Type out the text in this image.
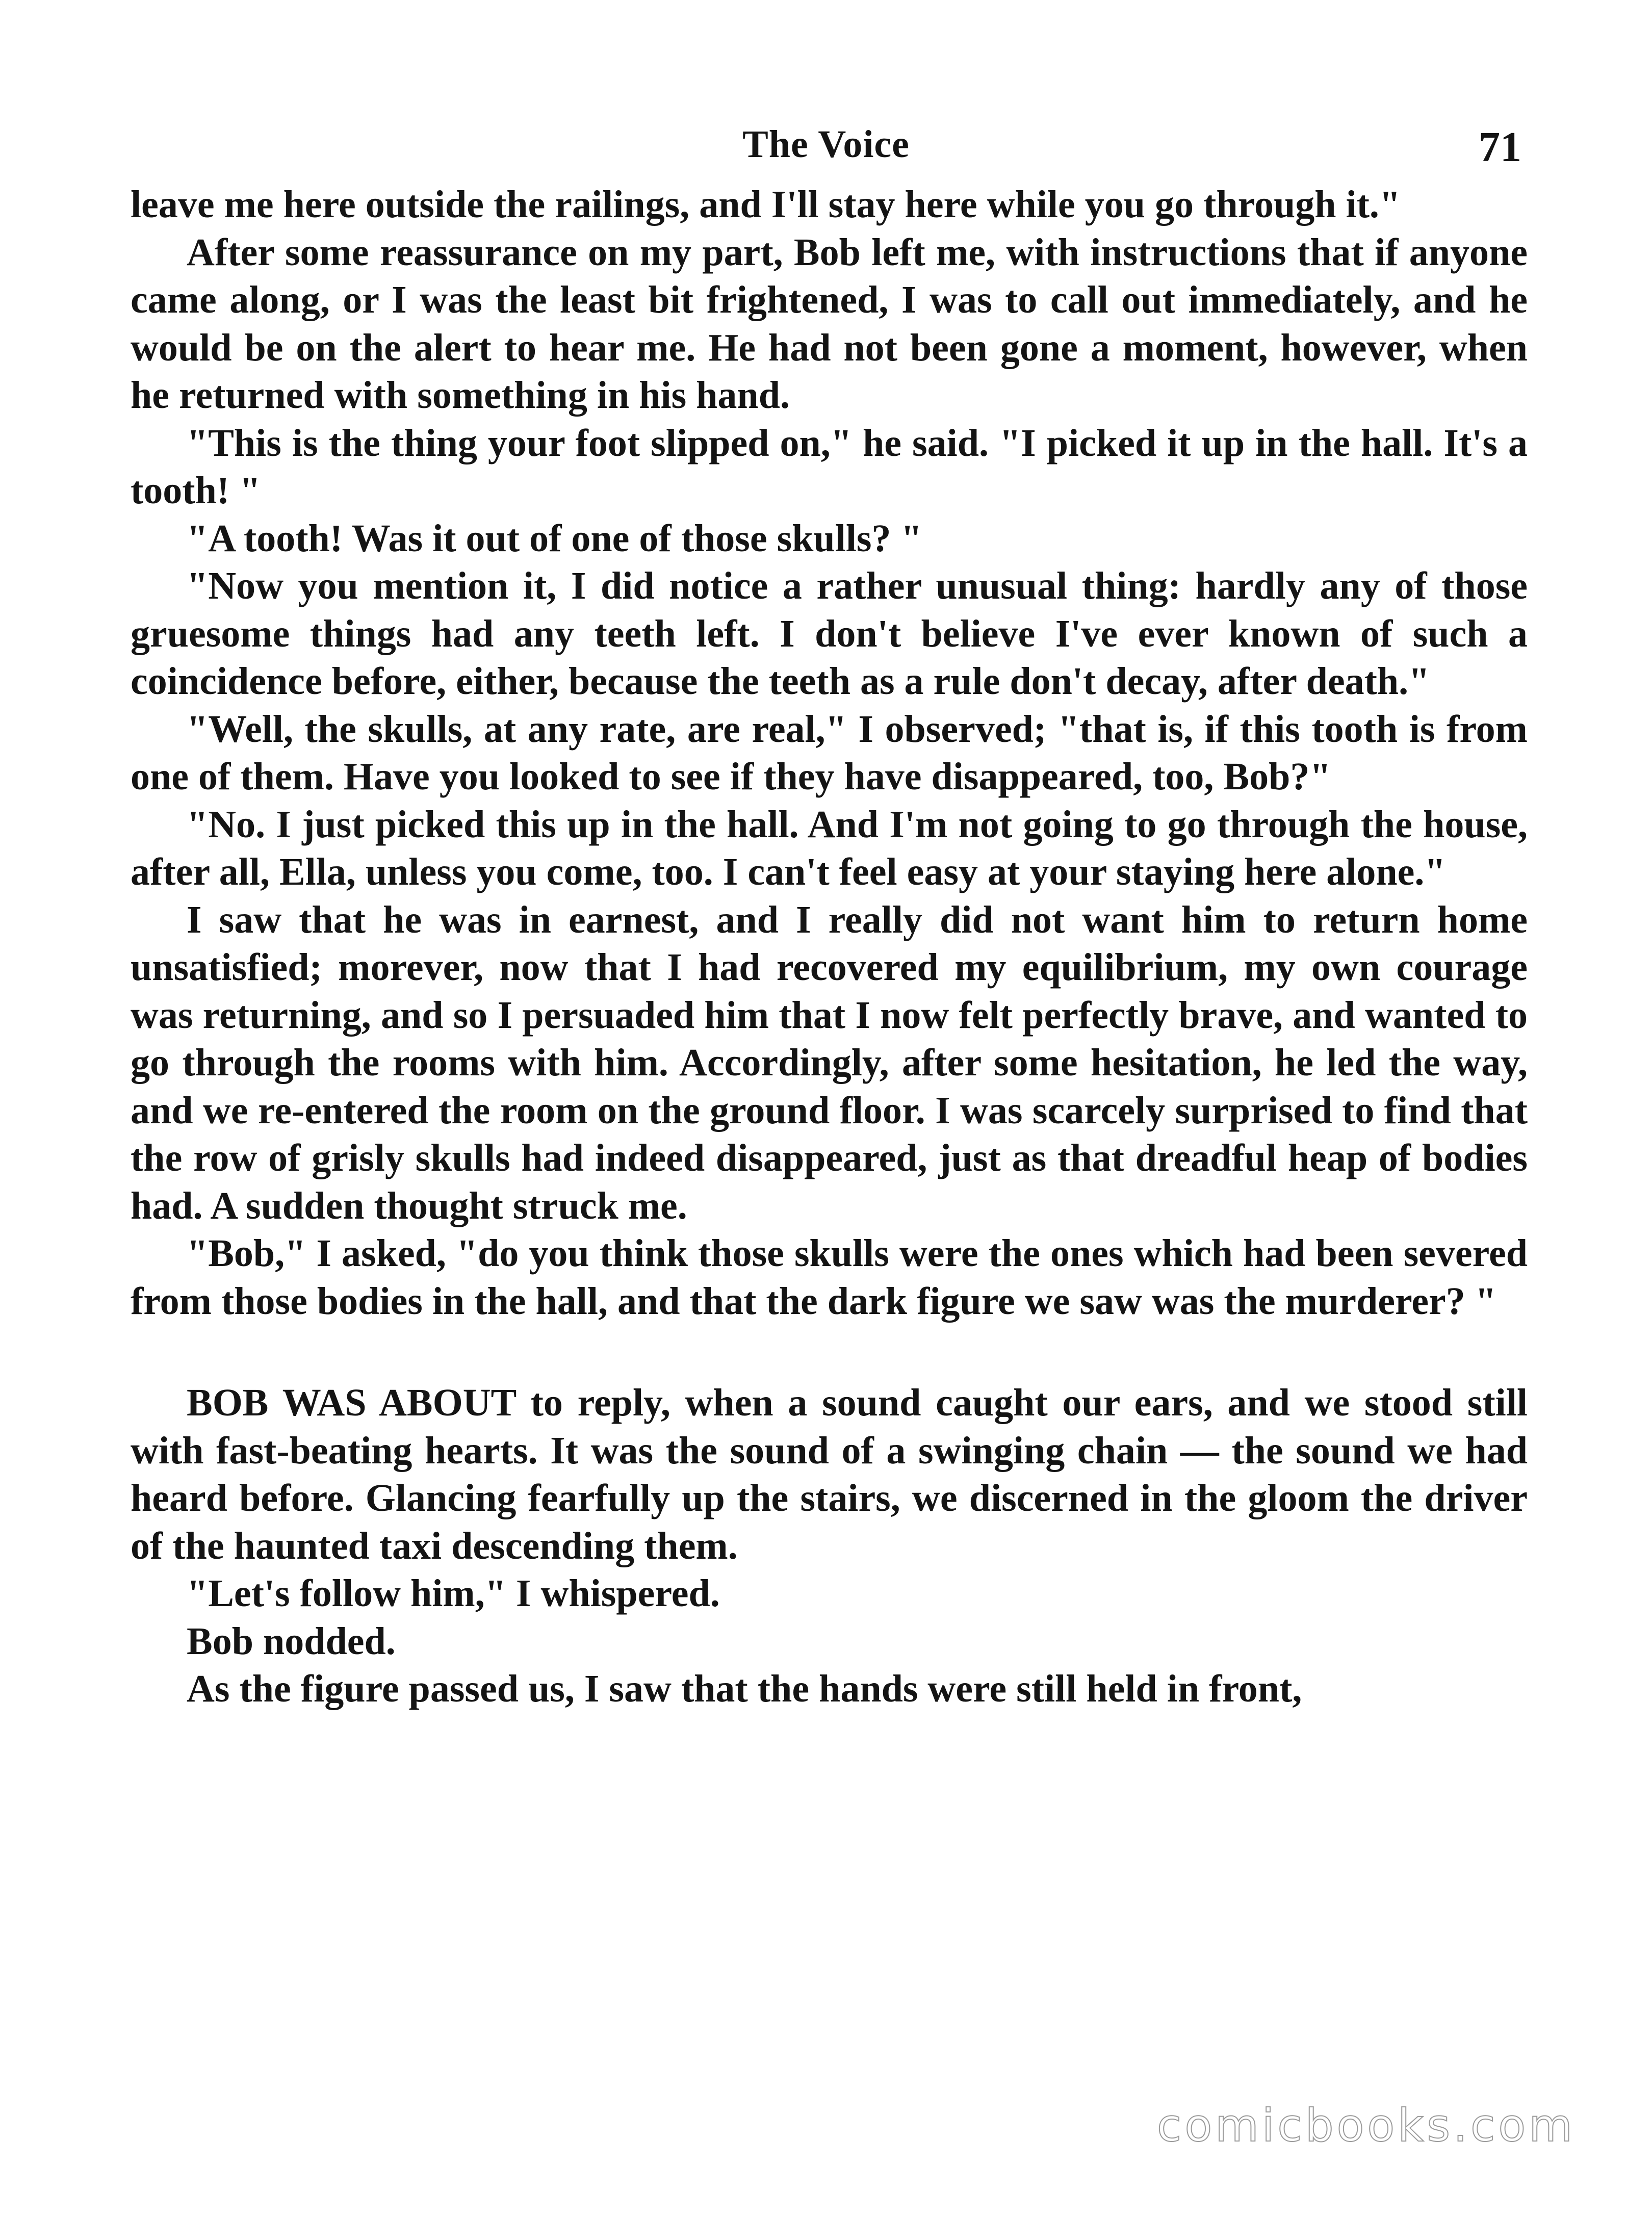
The Voice	71

leave me here outside the railings, and I'll stay here while you go through it."

After some reassurance on my part, Bob left me, with instructions that if anyone came along, or I was the least bit frightened, I was to call out immediately, and he would be on the alert to hear me. He had not been gone a moment, however, when he returned with something in his hand.

"This is the thing your foot slipped on," he said. "I picked it up in the hall. It's a tooth! "

"A tooth! Was it out of one of those skulls? "

"Now you mention it, I did notice a rather unusual thing: hardly any of those gruesome things had any teeth left. I don't believe I've ever known of such a coincidence before, either, because the teeth as a rule don't decay, after death."

"Well, the skulls, at any rate, are real," I observed; "that is, if this tooth is from one of them. Have you looked to see if they have disappeared, too, Bob?"

"No. I just picked this up in the hall. And I'm not going to go through the house, after all, Ella, unless you come, too. I can't feel easy at your staying here alone."

I saw that he was in earnest, and I really did not want him to return home unsatisfied; morever, now that I had recovered my equilibrium, my own courage was returning, and so I persuaded him that I now felt perfectly brave, and wanted to go through the rooms with him. Accordingly, after some hesitation, he led the way, and we re-entered the room on the ground floor. I was scarcely surprised to find that the row of grisly skulls had indeed disappeared, just as that dreadful heap of bodies had. A sudden thought struck me.

"Bob," I asked, "do you think those skulls were the ones which had been severed from those bodies in the hall, and that the dark figure we saw was the murderer? "

BOB WAS ABOUT to reply, when a sound caught our ears, and we stood still with fast-beating hearts. It was the sound of a swinging chain — the sound we had heard before. Glancing fearfully up the stairs, we discerned in the gloom the driver of the haunted taxi descending them.

"Let's follow him," I whispered.

Bob nodded.

As the figure passed us, I saw that the hands were still held in front,

comicbooks.com
